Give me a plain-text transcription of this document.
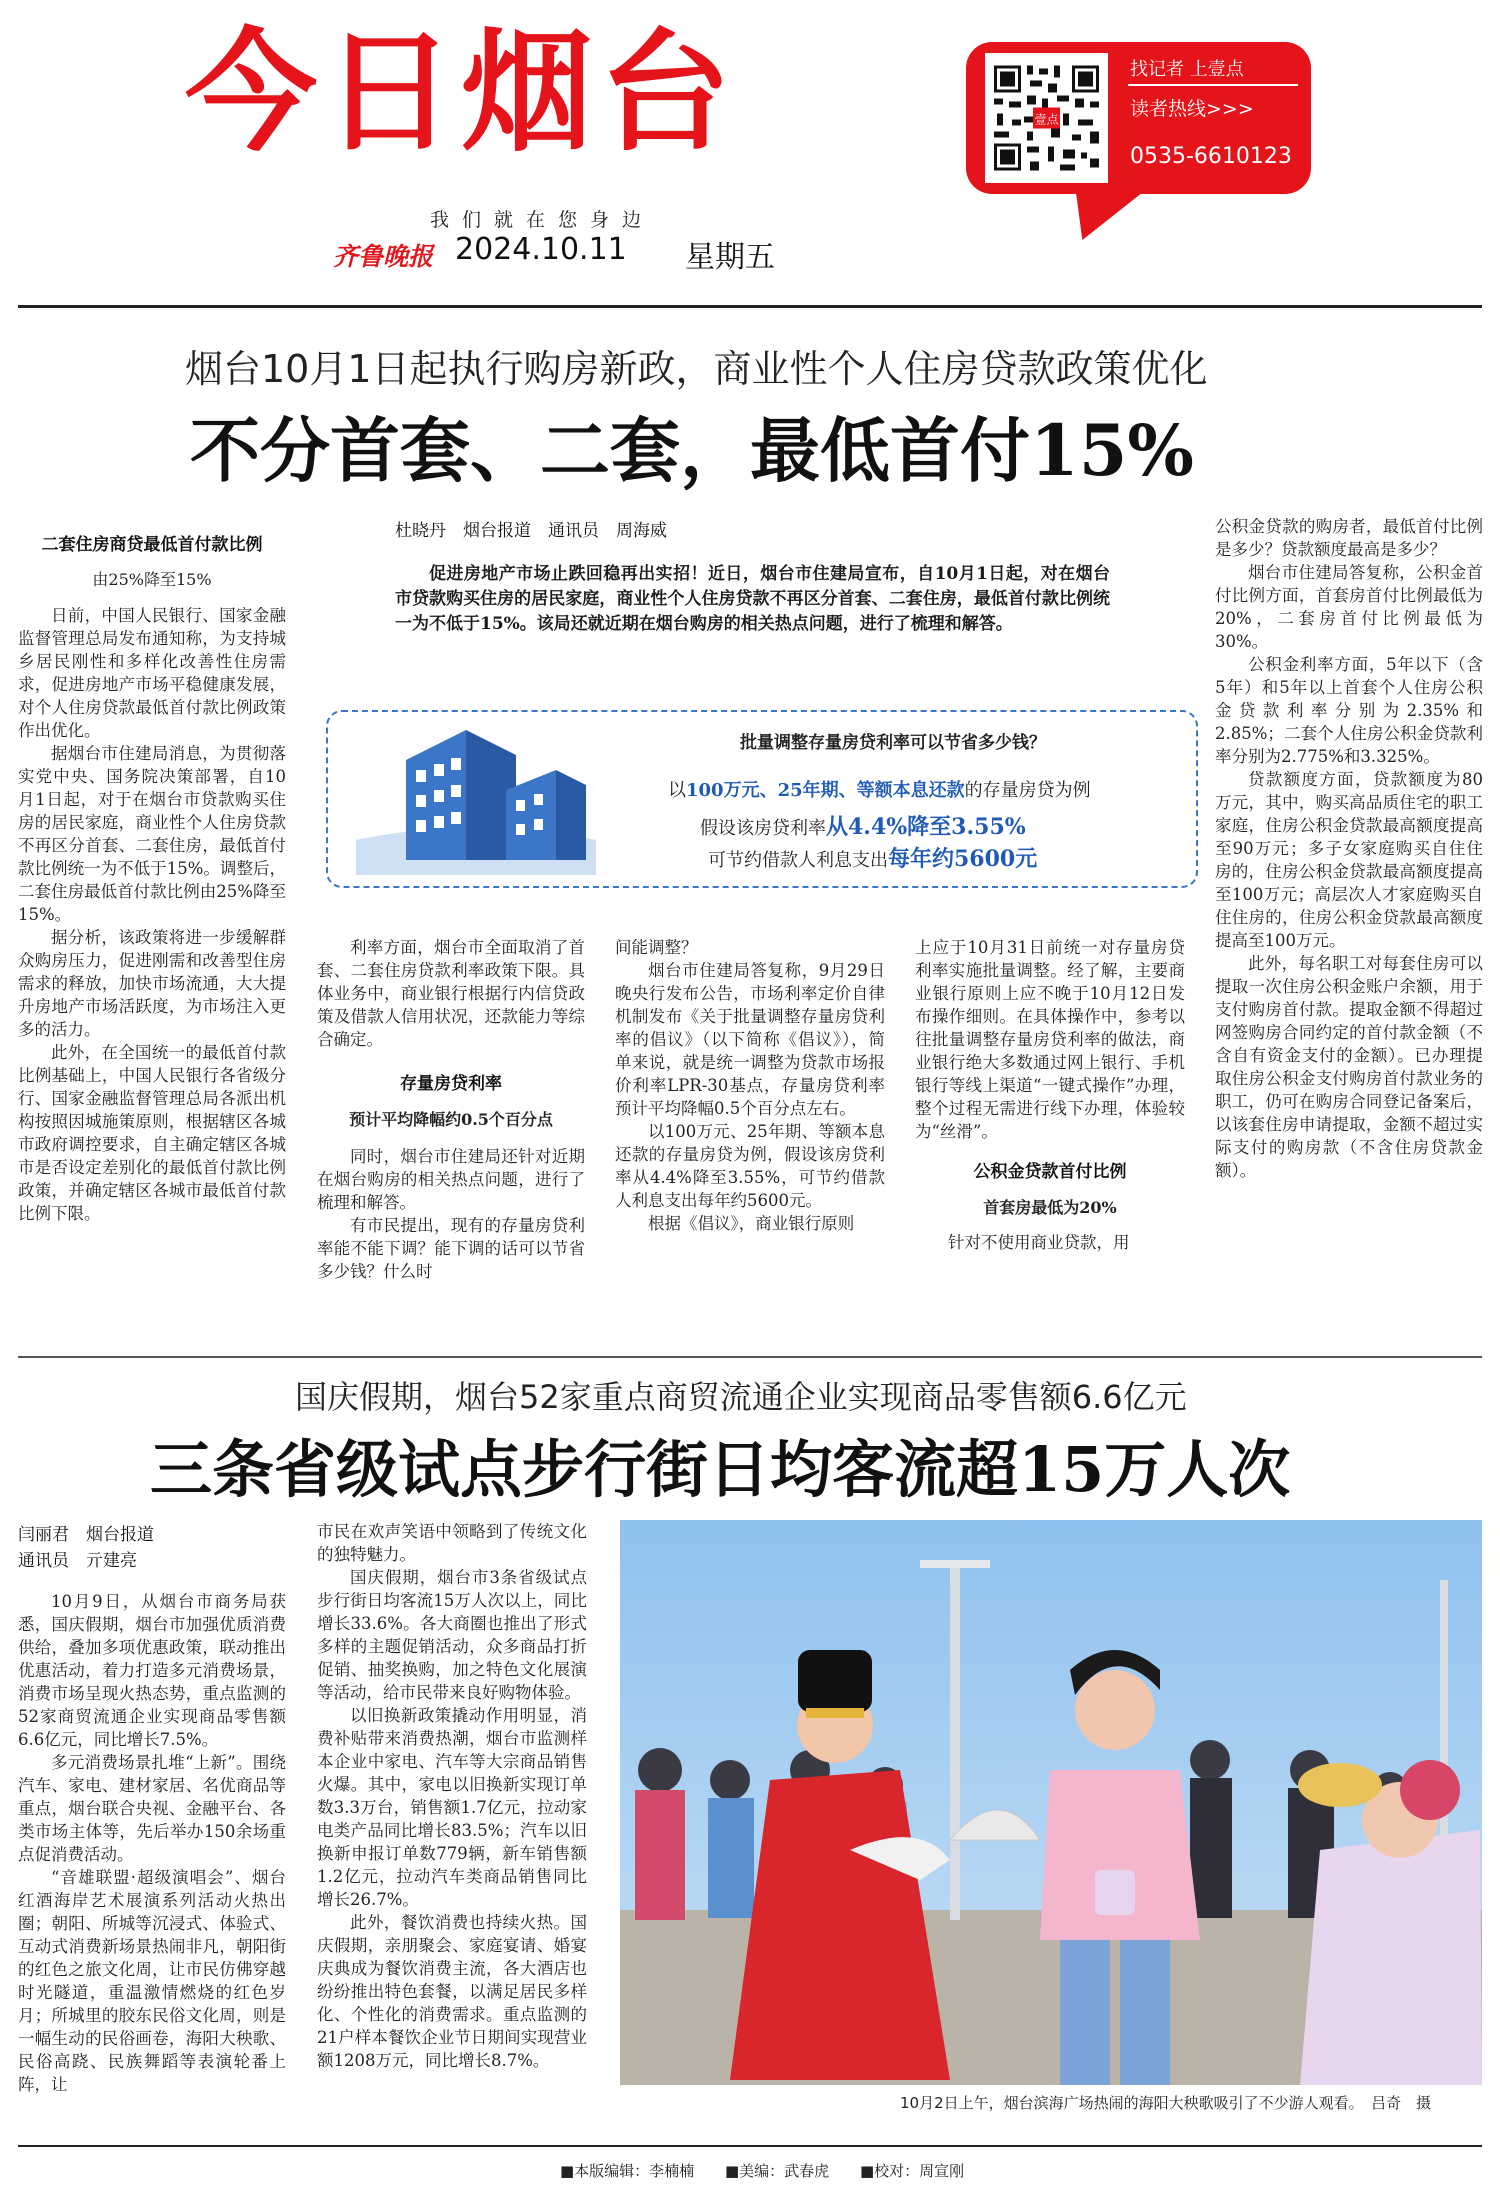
今日烟台
我们就在您身边
齐鲁晚报 2024.10.11 星期五
壹点
找记者 上壹点
读者热线>>>
0535-6610123
烟台10月1日起执行购房新政，商业性个人住房贷款政策优化
不分首套、二套，最低首付15%
二套住房商贷最低首付款比例
由25%降至15%

日前，中国人民银行、国家金融监督管理总局发布通知称，为支持城乡居民刚性和多样化改善性住房需求，促进房地产市场平稳健康发展，对个人住房贷款最低首付款比例政策作出优化。

据烟台市住建局消息，为贯彻落实党中央、国务院决策部署，自10月1日起，对于在烟台市贷款购买住房的居民家庭，商业性个人住房贷款不再区分首套、二套住房，最低首付款比例统一为不低于15%。调整后，二套住房最低首付款比例由25%降至15%。

据分析，该政策将进一步缓解群众购房压力，促进刚需和改善型住房需求的释放，加快市场流通，大大提升房地产市场活跃度，为市场注入更多的活力。

此外，在全国统一的最低首付款比例基础上，中国人民银行各省级分行、国家金融监督管理总局各派出机构按照因城施策原则，根据辖区各城市政府调控要求，自主确定辖区各城市是否设定差别化的最低首付款比例政策，并确定辖区各城市最低首付款比例下限。

杜晓丹　烟台报道　通讯员　周海威
促进房地产市场止跌回稳再出实招！近日，烟台市住建局宣布，自10月1日起，对在烟台市贷款购买住房的居民家庭，商业性个人住房贷款不再区分首套、二套住房，最低首付款比例统一为不低于15%。该局还就近期在烟台购房的相关热点问题，进行了梳理和解答。
批量调整存量房贷利率可以节省多少钱？
以100万元、25年期、等额本息还款的存量房贷为例
假设该房贷利率从4.4%降至3.55%
可节约借款人利息支出每年约5600元

利率方面，烟台市全面取消了首套、二套住房贷款利率政策下限。具体业务中，商业银行根据行内信贷政策及借款人信用状况，还款能力等综合确定。

存量房贷利率
预计平均降幅约0.5个百分点

同时，烟台市住建局还针对近期在烟台购房的相关热点问题，进行了梳理和解答。

有市民提出，现有的存量房贷利率能不能下调？能下调的话可以节省多少钱？什么时

间能调整？

烟台市住建局答复称，9月29日晚央行发布公告，市场利率定价自律机制发布《关于批量调整存量房贷利率的倡议》（以下简称《倡议》），简单来说，就是统一调整为贷款市场报价利率LPR-30基点，存量房贷利率预计平均降幅0.5个百分点左右。

以100万元、25年期、等额本息还款的存量房贷为例，假设该房贷利率从4.4%降至3.55%，可节约借款人利息支出每年约5600元。

根据《倡议》，商业银行原则

上应于10月31日前统一对存量房贷利率实施批量调整。经了解，主要商业银行原则上应不晚于10月12日发布操作细则。在具体操作中，参考以往批量调整存量房贷利率的做法，商业银行绝大多数通过网上银行、手机银行等线上渠道“一键式操作”办理，整个过程无需进行线下办理，体验较为“丝滑”。

公积金贷款首付比例
首套房最低为20%

针对不使用商业贷款，用

公积金贷款的购房者，最低首付比例是多少？贷款额度最高是多少？

烟台市住建局答复称，公积金首付比例方面，首套房首付比例最低为20%，二套房首付比例最低为30%。

公积金利率方面，5年以下（含5年）和5年以上首套个人住房公积金贷款利率分别为2.35%和2.85%；二套个人住房公积金贷款利率分别为2.775%和3.325%。

贷款额度方面，贷款额度为80万元，其中，购买高品质住宅的职工家庭，住房公积金贷款最高额度提高至90万元；多子女家庭购买自住住房的，住房公积金贷款最高额度提高至100万元；高层次人才家庭购买自住住房的，住房公积金贷款最高额度提高至100万元。

此外，每名职工对每套住房可以提取一次住房公积金账户余额，用于支付购房首付款。提取金额不得超过网签购房合同约定的首付款金额（不含自有资金支付的金额）。已办理提取住房公积金支付购房首付款业务的职工，仍可在购房合同登记备案后，以该套住房申请提取，金额不超过实际支付的购房款（不含住房贷款金额）。

国庆假期，烟台52家重点商贸流通企业实现商品零售额6.6亿元
三条省级试点步行街日均客流超15万人次
闫丽君　烟台报道
通讯员　亓建亮

10月9日，从烟台市商务局获悉，国庆假期，烟台市加强优质消费供给，叠加多项优惠政策，联动推出优惠活动，着力打造多元消费场景，消费市场呈现火热态势，重点监测的52家商贸流通企业实现商品零售额6.6亿元，同比增长7.5%。

多元消费场景扎堆“上新”。围绕汽车、家电、建材家居、名优商品等重点，烟台联合央视、金融平台、各类市场主体等，先后举办150余场重点促消费活动。

“音雄联盟·超级演唱会”、烟台红酒海岸艺术展演系列活动火热出圈；朝阳、所城等沉浸式、体验式、互动式消费新场景热闹非凡，朝阳街的红色之旅文化周，让市民仿佛穿越时光隧道，重温激情燃烧的红色岁月；所城里的胶东民俗文化周，则是一幅生动的民俗画卷，海阳大秧歌、民俗高跷、民族舞蹈等表演轮番上阵，让

市民在欢声笑语中领略到了传统文化的独特魅力。

国庆假期，烟台市3条省级试点步行街日均客流15万人次以上，同比增长33.6%。各大商圈也推出了形式多样的主题促销活动，众多商品打折促销、抽奖换购，加之特色文化展演等活动，给市民带来良好购物体验。

以旧换新政策撬动作用明显，消费补贴带来消费热潮，烟台市监测样本企业中家电、汽车等大宗商品销售火爆。其中，家电以旧换新实现订单数3.3万台，销售额1.7亿元，拉动家电类产品同比增长83.5%；汽车以旧换新申报订单数779辆，新车销售额1.2亿元，拉动汽车类商品销售同比增长26.7%。

此外，餐饮消费也持续火热。国庆假期，亲朋聚会、家庭宴请、婚宴庆典成为餐饮消费主流，各大酒店也纷纷推出特色套餐，以满足居民多样化、个性化的消费需求。重点监测的21户样本餐饮企业节日期间实现营业额1208万元，同比增长8.7%。

10月2日上午，烟台滨海广场热闹的海阳大秧歌吸引了不少游人观看。　吕奇　摄
■本版编辑：李楠楠 ■美编：武春虎 ■校对：周宣刚
